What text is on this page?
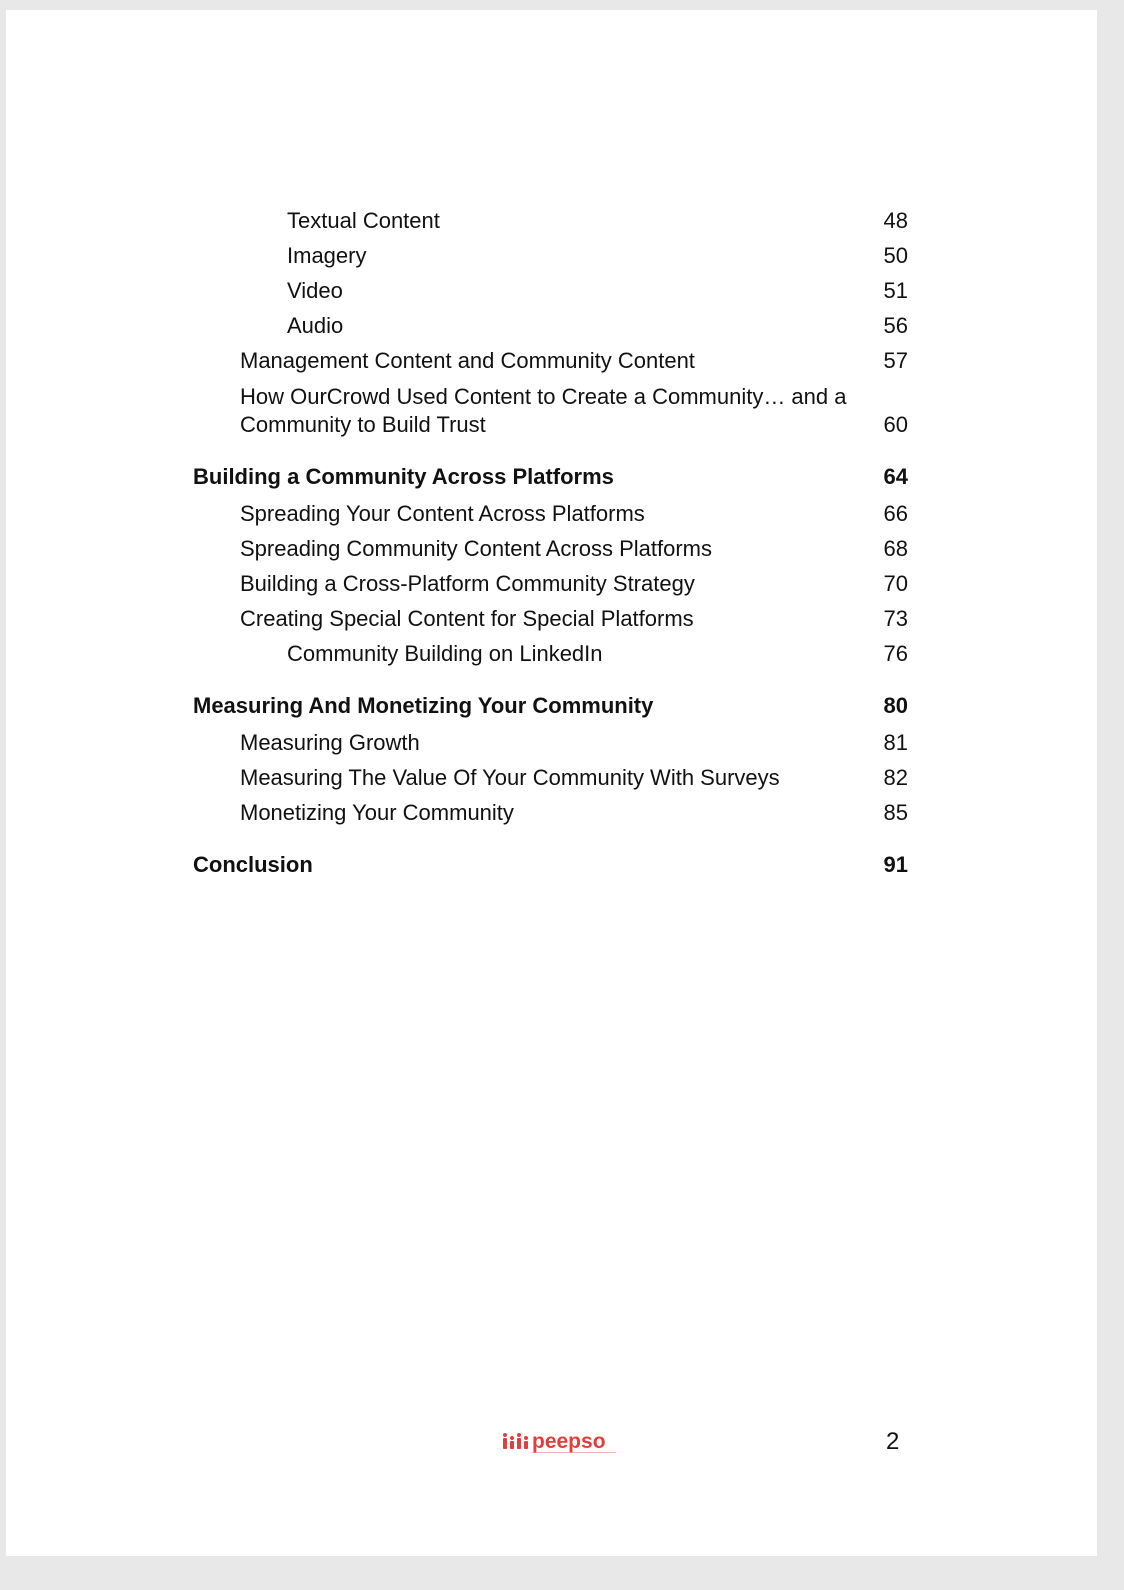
Textual Content	48
Imagery	50
Video	51
Audio	56
Management Content and Community Content	57
How OurCrowd Used Content to Create a Community… and a Community to Build Trust	60
Building a Community Across Platforms	64
Spreading Your Content Across Platforms	66
Spreading Community Content Across Platforms	68
Building a Cross-Platform Community Strategy	70
Creating Special Content for Special Platforms	73
Community Building on LinkedIn	76
Measuring And Monetizing Your Community	80
Measuring Growth	81
Measuring The Value Of Your Community With Surveys	82
Monetizing Your Community	85
Conclusion	91
peepso	2
